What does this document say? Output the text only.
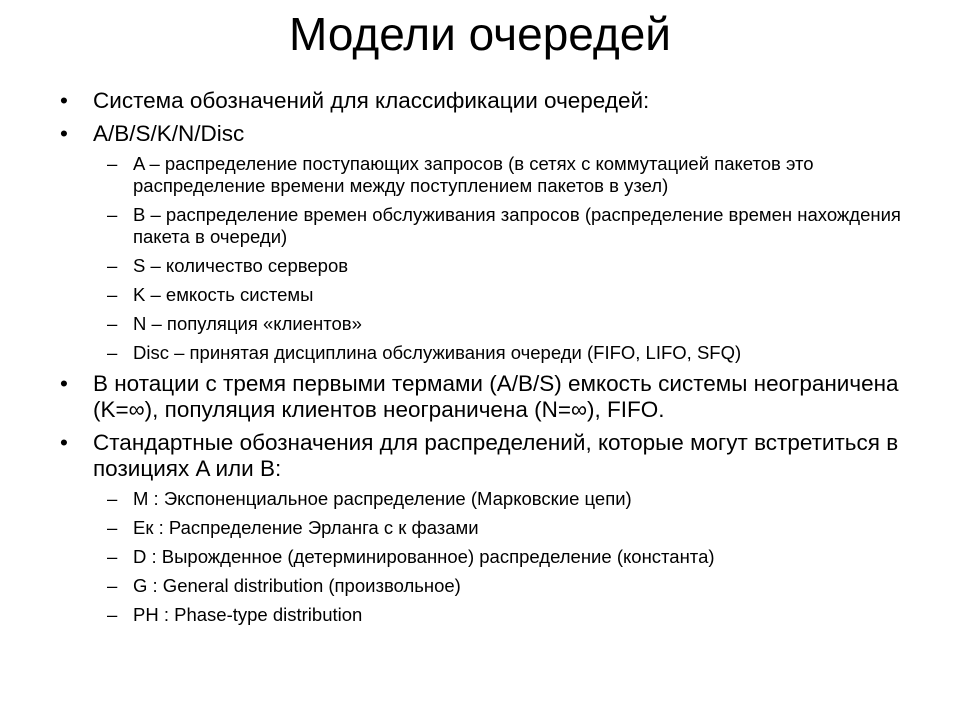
Модели очередей
•	Система обозначений для классификации очередей:
•	A/B/S/K/N/Disc
– A – распределение поступающих запросов (в сетях с коммутацией пакетов это распределение времени между поступлением пакетов в узел)
– B – распределение времен обслуживания запросов (распределение времен нахождения пакета в очереди)
– S – количество серверов
– K – емкость системы
– N – популяция «клиентов»
– Disc – принятая дисциплина обслуживания очереди (FIFO, LIFO, SFQ)
•	В нотации с тремя первыми термами (A/B/S) емкость системы неограничена (K=∞), популяция клиентов неограничена (N=∞), FIFO.
•	Стандартные обозначения для распределений, которые могут встретиться в позициях A или B:
– M : Экспоненциальное распределение (Марковские цепи)
– Eк : Распределение Эрланга с к фазами
– D : Вырожденное (детерминированное) распределение (константа)
– G : General distribution (произвольное)
– PH : Phase-type distribution
